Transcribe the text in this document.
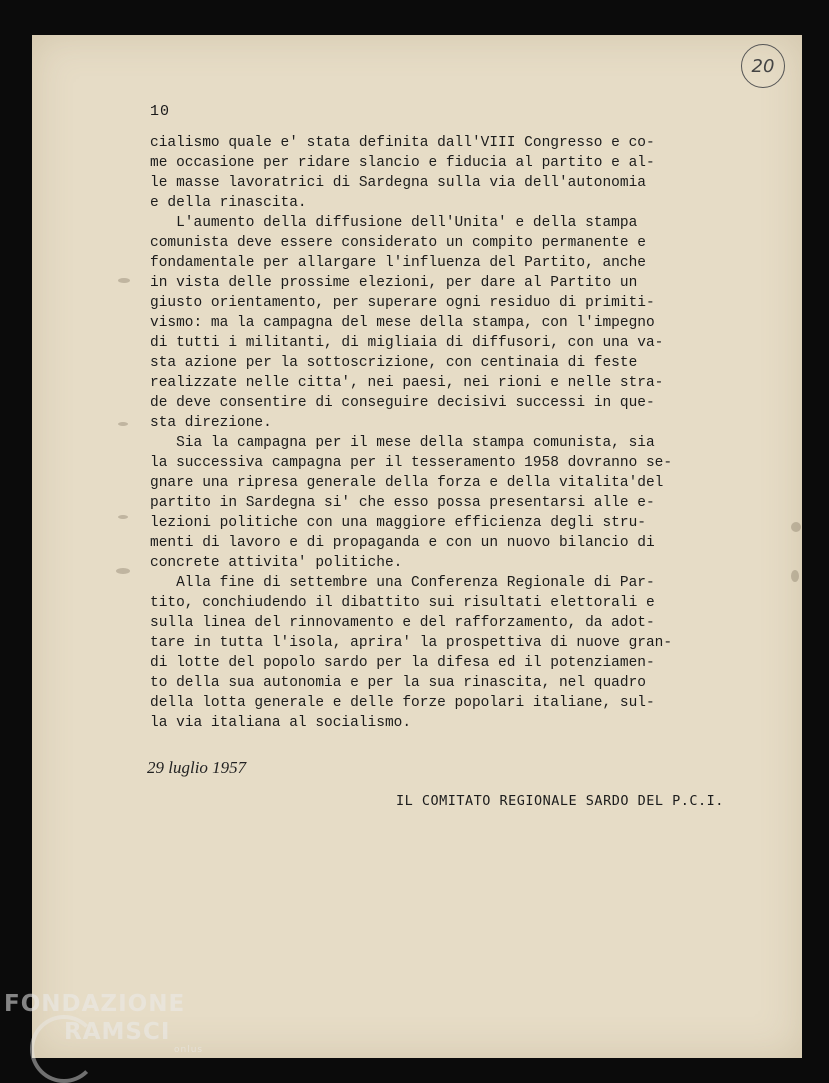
20
10
cialismo quale e' stata definita dall'VIII Congresso e co-
me occasione per ridare slancio e fiducia al partito e al-
le masse lavoratrici di Sardegna sulla via dell'autonomia
e della rinascita.
L'aumento della diffusione dell'Unita' e della stampa
comunista deve essere considerato un compito permanente e
fondamentale per allargare l'influenza del Partito, anche
in vista delle prossime elezioni, per dare al Partito un
giusto orientamento, per superare ogni residuo di primiti-
vismo: ma la campagna del mese della stampa, con l'impegno
di tutti i militanti, di migliaia di diffusori, con una va-
sta azione per la sottoscrizione, con centinaia di feste
realizzate nelle citta', nei paesi, nei rioni e nelle stra-
de deve consentire di conseguire decisivi successi in que-
sta direzione.
Sia la campagna per il mese della stampa comunista, sia
la successiva campagna per il tesseramento 1958 dovranno se-
gnare una ripresa generale della forza e della vitalita'del
partito in Sardegna si' che esso possa presentarsi alle e-
lezioni politiche con una maggiore efficienza degli stru-
menti di lavoro e di propaganda e con un nuovo bilancio di
concrete attivita' politiche.
Alla fine di settembre una Conferenza Regionale di Par-
tito, conchiudendo il dibattito sui risultati elettorali e
sulla linea del rinnovamento e del rafforzamento, da adot-
tare in tutta l'isola, aprira' la prospettiva di nuove gran-
di lotte del popolo sardo per la difesa ed il potenziamen-
to della sua autonomia e per la sua rinascita, nel quadro
della lotta generale e delle forze popolari italiane, sul-
la via italiana al socialismo.
29 luglio 1957
IL COMITATO REGIONALE SARDO DEL P.C.I.
FONDAZIONE
RAMSCI
onlus
